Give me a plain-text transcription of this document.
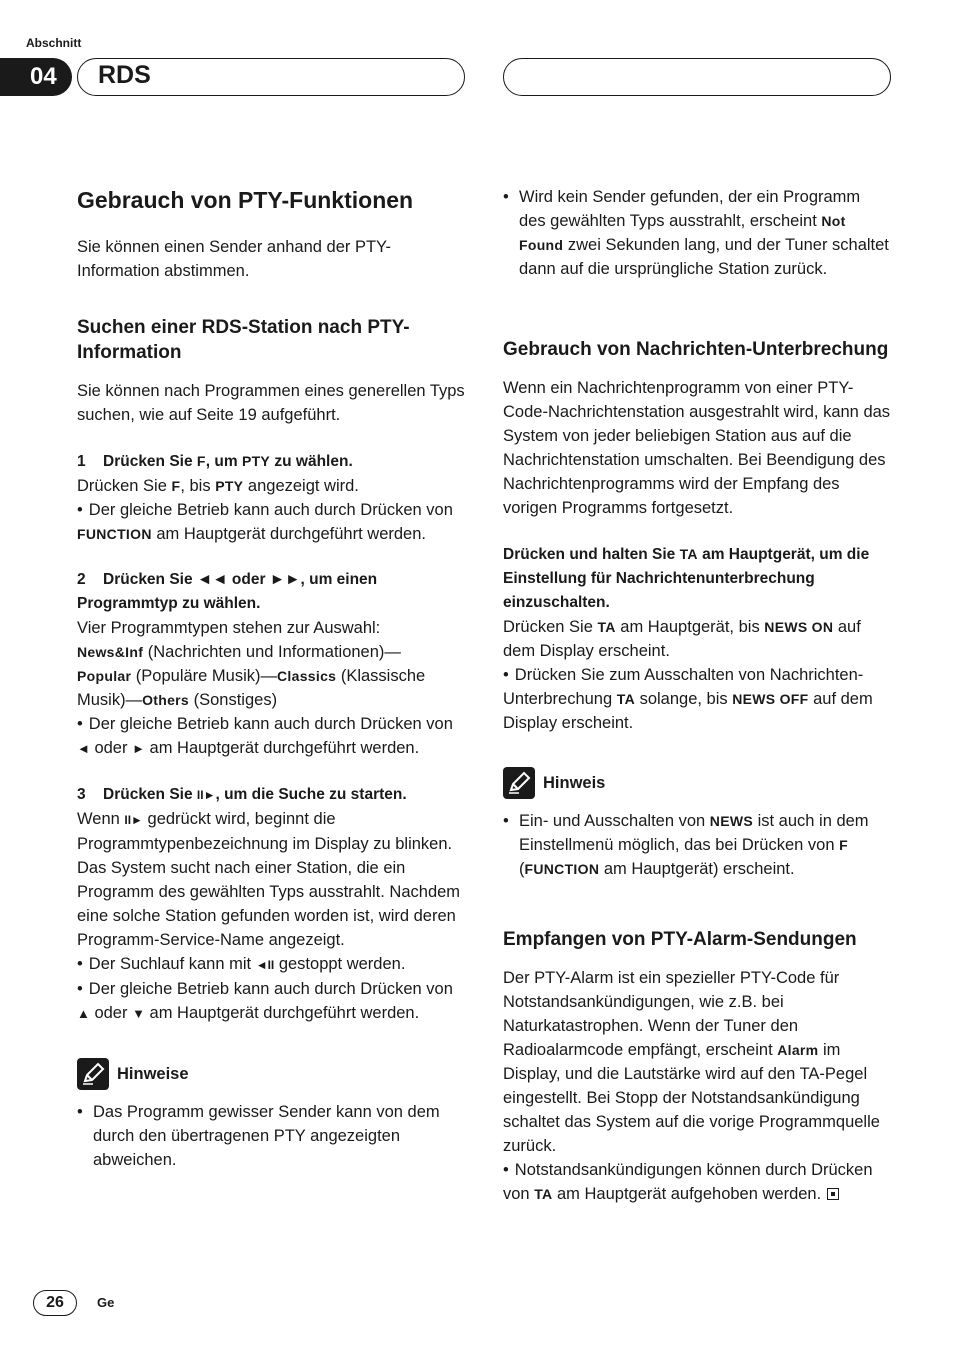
Abschnitt
04	RDS
Gebrauch von PTY-Funktionen

Sie können einen Sender anhand der PTY-Information abstimmen.

Suchen einer RDS-Station nach PTY-Information

Sie können nach Programmen eines generellen Typs suchen, wie auf Seite 19 aufgeführt.

1 Drücken Sie F, um PTY zu wählen.

Drücken Sie F, bis PTY angezeigt wird.

• Der gleiche Betrieb kann auch durch Drücken von FUNCTION am Hauptgerät durchgeführt werden.

2 Drücken Sie ◄◄ oder ►►, um einen Programmtyp zu wählen.

Vier Programmtypen stehen zur Auswahl:
News&Inf (Nachrichten und Informationen)—
Popular (Populäre Musik)—Classics (Klassische Musik)—Others (Sonstiges)

• Der gleiche Betrieb kann auch durch Drücken von ◄ oder ► am Hauptgerät durchgeführt werden.

3 Drücken Sie II►, um die Suche zu starten.

Wenn II► gedrückt wird, beginnt die Programmtypenbezeichnung im Display zu blinken. Das System sucht nach einer Station, die ein Programm des gewählten Typs ausstrahlt. Nachdem eine solche Station gefunden worden ist, wird deren Programm-Service-Name angezeigt.

• Der Suchlauf kann mit ◄II gestoppt werden.

• Der gleiche Betrieb kann auch durch Drücken von ▲ oder ▼ am Hauptgerät durchgeführt werden.

Hinweise

• Das Programm gewisser Sender kann von dem durch den übertragenen PTY angezeigten abweichen.

• Wird kein Sender gefunden, der ein Programm des gewählten Typs ausstrahlt, erscheint Not Found zwei Sekunden lang, und der Tuner schaltet dann auf die ursprüngliche Station zurück.

Gebrauch von Nachrichten-Unterbrechung

Wenn ein Nachrichtenprogramm von einer PTY-Code-Nachrichtenstation ausgestrahlt wird, kann das System von jeder beliebigen Station aus auf die Nachrichtenstation umschalten. Bei Beendigung des Nachrichtenprogramms wird der Empfang des vorigen Programms fortgesetzt.

Drücken und halten Sie TA am Hauptgerät, um die Einstellung für Nachrichtenunterbrechung einzuschalten.

Drücken Sie TA am Hauptgerät, bis NEWS ON auf dem Display erscheint.

• Drücken Sie zum Ausschalten von Nachrichten-Unterbrechung TA solange, bis NEWS OFF auf dem Display erscheint.

Hinweis

• Ein- und Ausschalten von NEWS ist auch in dem Einstellmenü möglich, das bei Drücken von F (FUNCTION am Hauptgerät) erscheint.

Empfangen von PTY-Alarm-Sendungen

Der PTY-Alarm ist ein spezieller PTY-Code für Notstandsankündigungen, wie z.B. bei Naturkatastrophen. Wenn der Tuner den Radioalarmcode empfängt, erscheint Alarm im Display, und die Lautstärke wird auf den TA-Pegel eingestellt. Bei Stopp der Notstandsankündigung schaltet das System auf die vorige Programmquelle zurück.

• Notstandsankündigungen können durch Drücken von TA am Hauptgerät aufgehoben werden.

26	Ge
